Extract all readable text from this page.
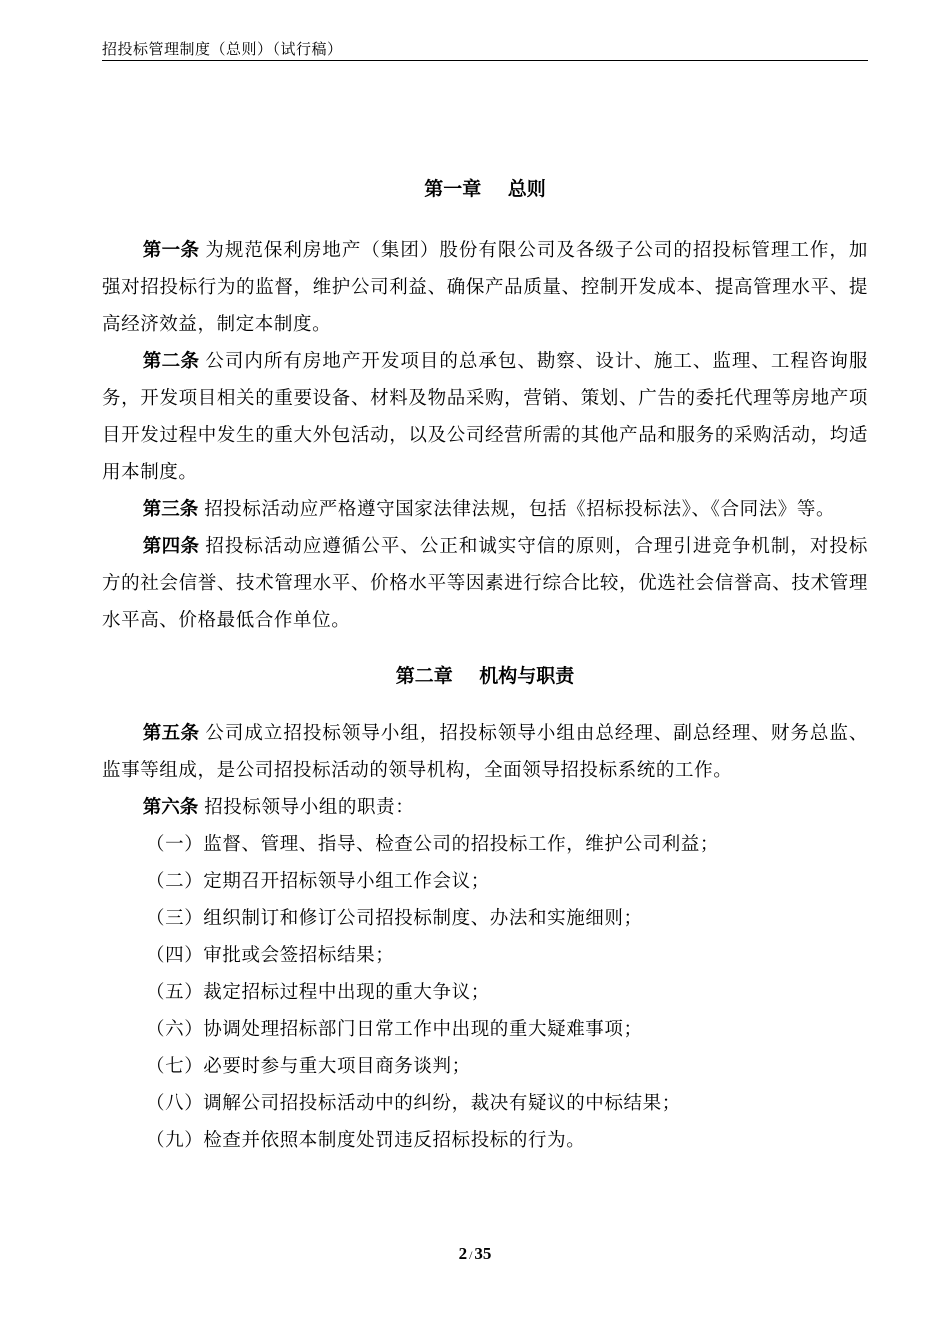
招投标管理制度（总则）（试行稿）
第一章    总则

第一条 为规范保利房地产（集团）股份有限公司及各级子公司的招投标管理工作，加强对招投标行为的监督，维护公司利益、确保产品质量、控制开发成本、提高管理水平、提高经济效益，制定本制度。

第二条 公司内所有房地产开发项目的总承包、勘察、设计、施工、监理、工程咨询服务，开发项目相关的重要设备、材料及物品采购，营销、策划、广告的委托代理等房地产项目开发过程中发生的重大外包活动，以及公司经营所需的其他产品和服务的采购活动，均适用本制度。

第三条 招投标活动应严格遵守国家法律法规，包括《招标投标法》、《合同法》等。

第四条 招投标活动应遵循公平、公正和诚实守信的原则，合理引进竞争机制，对投标方的社会信誉、技术管理水平、价格水平等因素进行综合比较，优选社会信誉高、技术管理水平高、价格最低合作单位。

第二章    机构与职责

第五条 公司成立招投标领导小组，招投标领导小组由总经理、副总经理、财务总监、监事等组成，是公司招投标活动的领导机构，全面领导招投标系统的工作。

第六条 招投标领导小组的职责：

（一）监督、管理、指导、检查公司的招投标工作，维护公司利益；
（二）定期召开招标领导小组工作会议；
（三）组织制订和修订公司招投标制度、办法和实施细则；
（四）审批或会签招标结果；
（五）裁定招标过程中出现的重大争议；
（六）协调处理招标部门日常工作中出现的重大疑难事项；
（七）必要时参与重大项目商务谈判；
（八）调解公司招投标活动中的纠纷，裁决有疑议的中标结果；
（九）检查并依照本制度处罚违反招标投标的行为。
2 / 35
